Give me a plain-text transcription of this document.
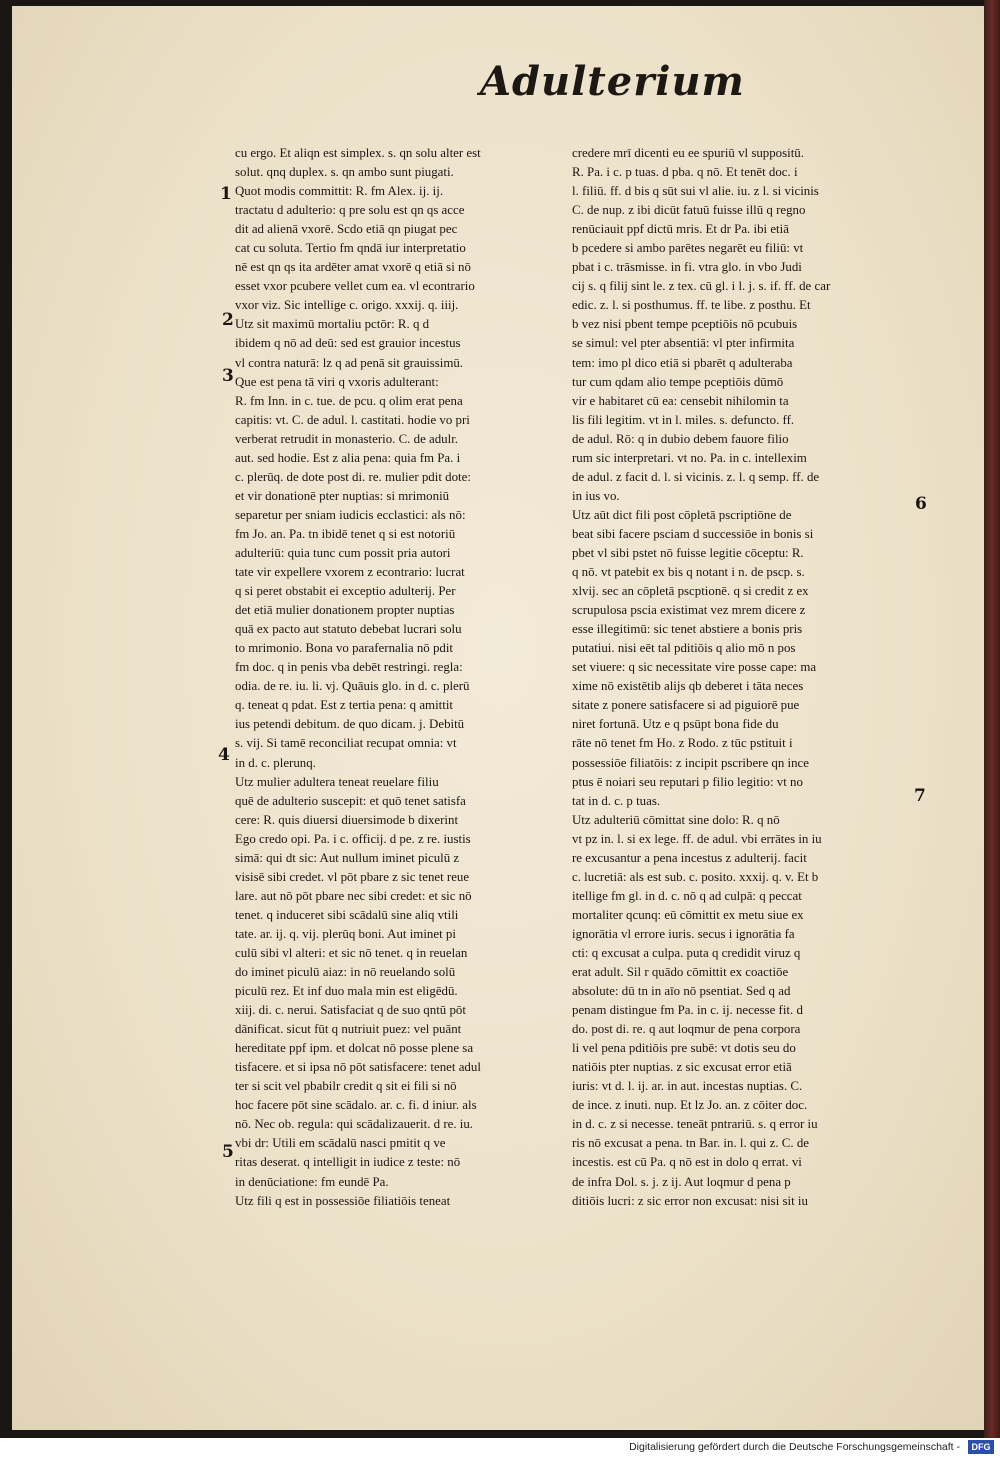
Adulterium
cu ergo. Et aliqn est simplex. s. qn solu alter est
solut. qnq duplex. s. qn ambo sunt piugati.
Quot modis committit: R. fm Alex. ij. ij.
tractatu d adulterio: q pre solu est qn qs acce
dit ad alienā vxorē. Scdo etiā qn piugat pec
cat cu soluta. Tertio fm qndā iur interpretatio
nē est qn qs ita ardēter amat vxorē q etiā si nō
esset vxor pcubere vellet cum ea. vl econtrario
vxor viz. Sic intellige c. origo. xxxij. q. iiij.
Utz sit maximū mortaliu pctōr: R. q d
ibidem q nō ad deū: sed est grauior incestus
vl contra naturā: lz q ad penā sit grauissimū.
Que est pena tā viri q vxoris adulterant:
R. fm Inn. in c. tue. de pcu. q olim erat pena
capitis: vt. C. de adul. l. castitati. hodie vo pri
verberat retrudit in monasterio. C. de adulr.
aut. sed hodie. Est z alia pena: quia fm Pa. i
c. plerūq. de dote post di. re. mulier pdit dote:
et vir donationē pter nuptias: si mrimoniū
separetur per sniam iudicis ecclastici: als nō:
fm Jo. an. Pa. tn ibidē tenet q si est notoriū
adulteriū: quia tunc cum possit pria autori
tate vir expellere vxorem z econtrario: lucrat
q si peret obstabit ei exceptio adulterij. Per
det etiā mulier donationem propter nuptias
quā ex pacto aut statuto debebat lucrari solu
to mrimonio. Bona vo parafernalia nō pdit
fm doc. q in penis vba debēt restringi. regla:
odia. de re. iu. li. vj. Quāuis glo. in d. c. plerū
q. teneat q pdat. Est z tertia pena: q amittit
ius petendi debitum. de quo dicam. j. Debitū
s. vij. Si tamē reconciliat recupat omnia: vt
in d. c. plerunq.
Utz mulier adultera teneat reuelare filiu
quē de adulterio suscepit: et quō tenet satisfa
cere: R. quis diuersi diuersimode b dixerint
Ego credo opi. Pa. i c. officij. d pe. z re. iustis
simā: qui dt sic: Aut nullum iminet piculū z
visisē sibi credet. vl pōt pbare z sic tenet reue
lare. aut nō pōt pbare nec sibi credet: et sic nō
tenet. q induceret sibi scādalū sine aliq vtili
tate. ar. ij. q. vij. plerūq boni. Aut iminet pi
culū sibi vl alteri: et sic nō tenet. q in reuelan
do iminet piculū aiaz: in nō reuelando solū
piculū rez. Et inf duo mala min est eligēdū.
xiij. di. c. nerui. Satisfaciat q de suo qntū pōt
dānificat. sicut fūt q nutriuit puez: vel puānt
hereditate ppf ipm. et dolcat nō posse plene sa
tisfacere. et si ipsa nō pōt satisfacere: tenet adul
ter si scit vel pbabilr credit q sit ei fili si nō
hoc facere pōt sine scādalo. ar. c. fi. d iniur. als
nō. Nec ob. regula: qui scādalizauerit. d re. iu.
vbi dr: Utili em scādalū nasci pmitit q ve
ritas deserat. q intelligit in iudice z teste: nō
in denūciatione: fm eundē Pa.
Utz fili q est in possessiōe filiatiōis teneat
credere mrī dicenti eu ee spuriū vl suppositū.
R. Pa. i c. p tuas. d pba. q nō. Et tenēt doc. i
l. filiū. ff. d bis q sūt sui vl alie. iu. z l. si vicinis
C. de nup. z ibi dicūt fatuū fuisse illū q regno
renūciauit ppf dictū mris. Et dr Pa. ibi etiā
b pcedere si ambo parētes negarēt eu filiū: vt
pbat i c. trāsmisse. in fi. vtra glo. in vbo Judi
cij s. q filij sint le. z tex. cū gl. i l. j. s. if. ff. de car
edic. z. l. si posthumus. ff. te libe. z posthu. Et
b vez nisi pbent tempe pceptiōis nō pcubuis
se simul: vel pter absentiā: vl pter infirmita
tem: imo pl dico etiā si pbarēt q adulteraba
tur cum qdam alio tempe pceptiōis dūmō
vir e habitaret cū ea: censebit nihilomin ta
lis fili legitim. vt in l. miles. s. defuncto. ff.
de adul. Rō: q in dubio debem fauore filio
rum sic interpretari. vt no. Pa. in c. intellexim
de adul. z facit d. l. si vicinis. z. l. q semp. ff. de
in ius vo.
Utz aūt dict fili post cōpletā pscriptiōne de
beat sibi facere psciam d successiōe in bonis si
pbet vl sibi pstet nō fuisse legitie cōceptu: R.
q nō. vt patebit ex bis q notant i n. de pscp. s.
xlvij. sec an cōpletā pscptionē. q si credit z ex
scrupulosa pscia existimat vez mrem dicere z
esse illegitimū: sic tenet abstiere a bonis pris
putatiui. nisi eēt tal pditiōis q alio mō n pos
set viuere: q sic necessitate vire posse cape: ma
xime nō existētib alijs qb deberet i tāta neces
sitate z ponere satisfacere si ad piguiorē pue
niret fortunā. Utz e q psūpt bona fide du
rāte nō tenet fm Ho. z Rodo. z tūc pstituit i
possessiōe filiatōis: z incipit pscribere qn ince
ptus ē noiari seu reputari p filio legitio: vt no
tat in d. c. p tuas.
Utz adulteriū cōmittat sine dolo: R. q nō
vt pz in. l. si ex lege. ff. de adul. vbi errātes in iu
re excusantur a pena incestus z adulterij. facit
c. lucretiā: als est sub. c. posito. xxxij. q. v. Et b
itellige fm gl. in d. c. nō q ad culpā: q peccat
mortaliter qcunq: eū cōmittit ex metu siue ex
ignorātia vl errore iuris. secus i ignorātia fa
cti: q excusat a culpa. puta q credidit viruz q
erat adult. Sil r quādo cōmittit ex coactiōe
absolute: dū tn in aīo nō psentiat. Sed q ad
penam distingue fm Pa. in c. ij. necesse fit. d
do. post di. re. q aut loqmur de pena corpora
li vel pena pditiōis pre subē: vt dotis seu do
natiōis pter nuptias. z sic excusat error etiā
iuris: vt d. l. ij. ar. in aut. incestas nuptias. C.
de ince. z inuti. nup. Et lz Jo. an. z cōiter doc.
in d. c. z si necesse. teneāt pntrariū. s. q error iu
ris nō excusat a pena. tn Bar. in. l. qui z. C. de
incestis. est cū Pa. q nō est in dolo q errat. vi
de infra Dol. s. j. z ij. Aut loqmur d pena p
ditiōis lucri: z sic error non excusat: nisi sit iu
1
2
3
4
5
6
7
Digitalisierung gefördert durch die Deutsche Forschungsgemeinschaft -	DFG
